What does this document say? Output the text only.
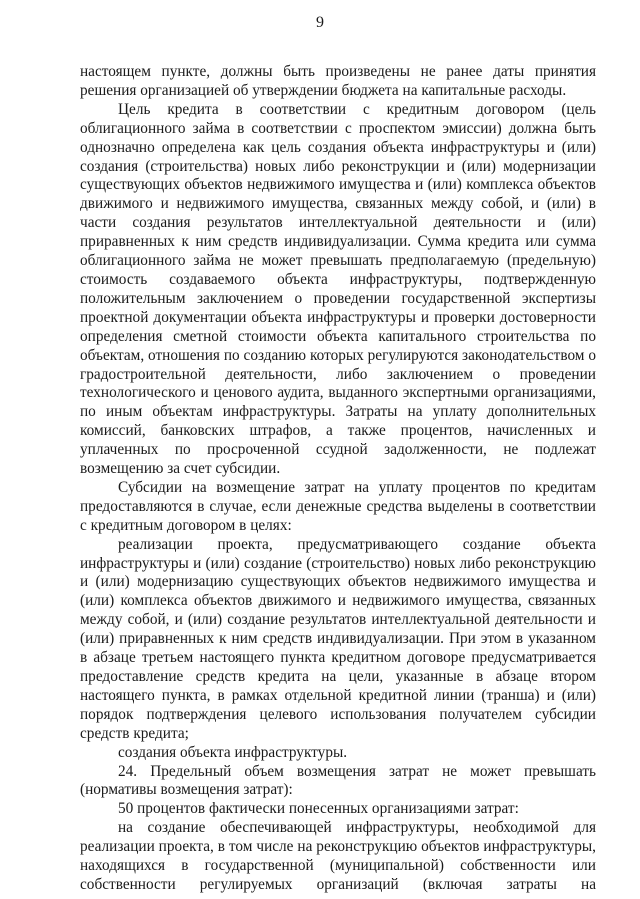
9

настоящем пункте, должны быть произведены не ранее даты принятия решения организацией об утверждении бюджета на капитальные расходы.

Цель кредита в соответствии с кредитным договором (цель облигационного займа в соответствии с проспектом эмиссии) должна быть однозначно определена как цель создания объекта инфраструктуры и (или) создания (строительства) новых либо реконструкции и (или) модернизации существующих объектов недвижимого имущества и (или) комплекса объектов движимого и недвижимого имущества, связанных между собой, и (или) в части создания результатов интеллектуальной деятельности и (или) приравненных к ним средств индивидуализации. Сумма кредита или сумма облигационного займа не может превышать предполагаемую (предельную) стоимость создаваемого объекта инфраструктуры, подтвержденную положительным заключением о проведении государственной экспертизы проектной документации объекта инфраструктуры и проверки достоверности определения сметной стоимости объекта капитального строительства по объектам, отношения по созданию которых регулируются законодательством о градостроительной деятельности, либо заключением о проведении технологического и ценового аудита, выданного экспертными организациями, по иным объектам инфраструктуры. Затраты на уплату дополнительных комиссий, банковских штрафов, а также процентов, начисленных и уплаченных по просроченной ссудной задолженности, не подлежат возмещению за счет субсидии.

Субсидии на возмещение затрат на уплату процентов по кредитам предоставляются в случае, если денежные средства выделены в соответствии с кредитным договором в целях:

реализации проекта, предусматривающего создание объекта инфраструктуры и (или) создание (строительство) новых либо реконструкцию и (или) модернизацию существующих объектов недвижимого имущества и (или) комплекса объектов движимого и недвижимого имущества, связанных между собой, и (или) создание результатов интеллектуальной деятельности и (или) приравненных к ним средств индивидуализации. При этом в указанном в абзаце третьем настоящего пункта кредитном договоре предусматривается предоставление средств кредита на цели, указанные в абзаце втором настоящего пункта, в рамках отдельной кредитной линии (транша) и (или) порядок подтверждения целевого использования получателем субсидии средств кредита;

создания объекта инфраструктуры.

24. Предельный объем возмещения затрат не может превышать (нормативы возмещения затрат):

50 процентов фактически понесенных организациями затрат:

на создание обеспечивающей инфраструктуры, необходимой для реализации проекта, в том числе на реконструкцию объектов инфраструктуры, находящихся в государственной (муниципальной) собственности или собственности регулируемых организаций (включая затраты на
